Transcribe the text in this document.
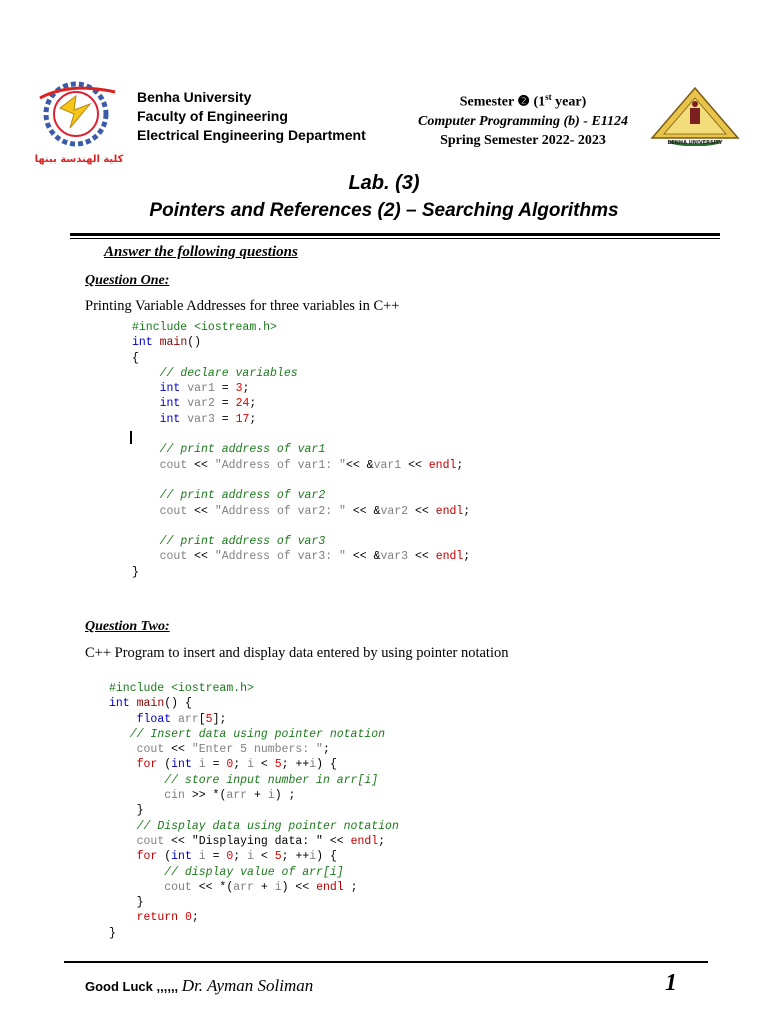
كلية الهندسة ببنها
BENHA UNIVERSITY
Benha University
Faculty of Engineering
Electrical Engineering Department
Semester ❷ (1st year)
Computer Programming (b) - E1124
Spring Semester 2022- 2023
Lab. (3)
Pointers and References (2) – Searching Algorithms
Answer the following questions
Question One:
Printing Variable Addresses for three variables in C++
#include <iostream.h>
int main()
{
// declare variables
int var1 = 3;
int var2 = 24;
int var3 = 17;

// print address of var1
cout << "Address of var1: "<< &var1 << endl;

// print address of var2
cout << "Address of var2: " << &var2 << endl;

// print address of var3
cout << "Address of var3: " << &var3 << endl;
}
Question Two:
C++ Program to insert and display data entered by using pointer notation
#include <iostream.h>
int main() {
float arr[5];
// Insert data using pointer notation
cout << "Enter 5 numbers: ";
for (int i = 0; i < 5; ++i) {
// store input number in arr[i]
cin >> *(arr + i) ;
}
// Display data using pointer notation
cout << "Displaying data: " << endl;
for (int i = 0; i < 5; ++i) {
// display value of arr[i]
cout << *(arr + i) << endl ;
}
return 0;
}
Good Luck ,,,,,, Dr. Ayman Soliman	1
